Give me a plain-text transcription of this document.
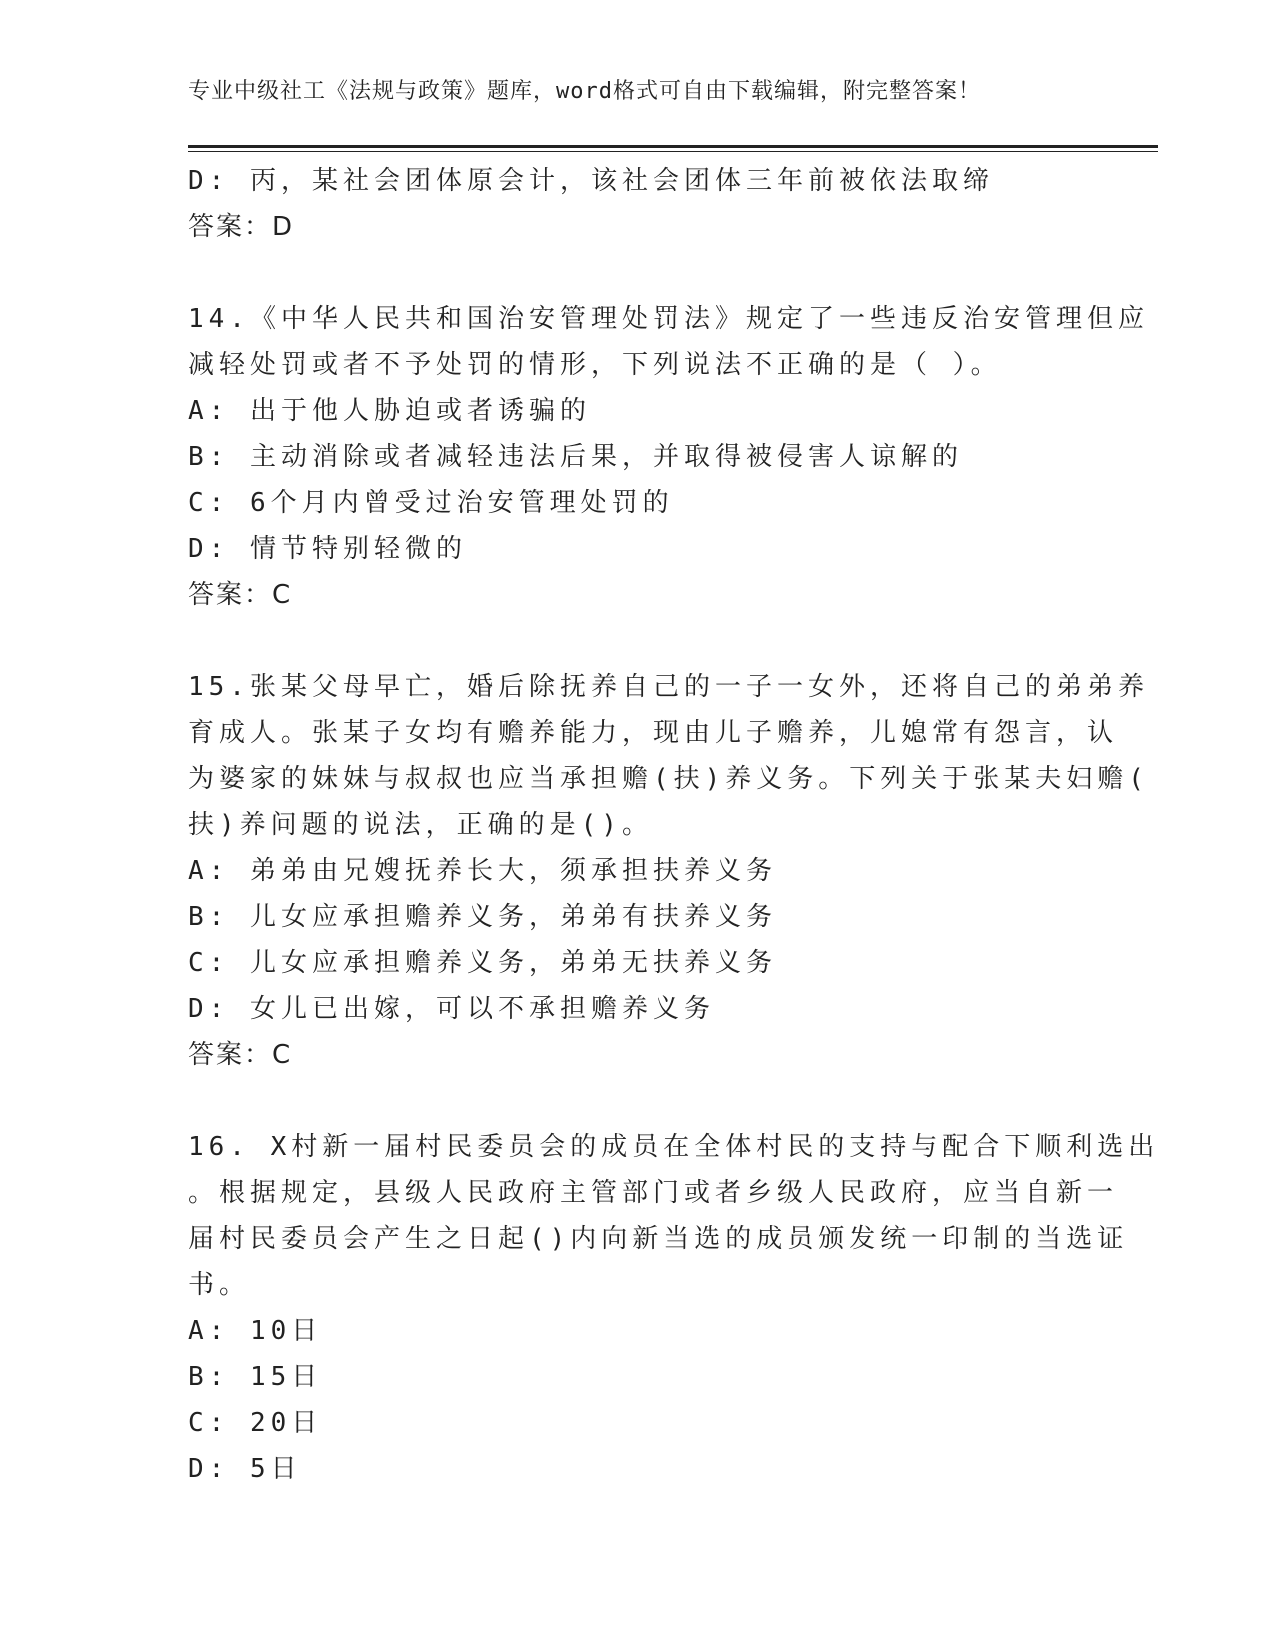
专业中级社工《法规与政策》题库，word格式可自由下载编辑，附完整答案！
D: 丙，某社会团体原会计，该社会团体三年前被依法取缔
答案：D
14.《中华人民共和国治安管理处罚法》规定了一些违反治安管理但应
减轻处罚或者不予处罚的情形，下列说法不正确的是（ ）。
A: 出于他人胁迫或者诱骗的
B: 主动消除或者减轻违法后果，并取得被侵害人谅解的
C: 6个月内曾受过治安管理处罚的
D: 情节特别轻微的
答案：C
15.张某父母早亡，婚后除抚养自己的一子一女外，还将自己的弟弟养
育成人。张某子女均有赡养能力，现由儿子赡养，儿媳常有怨言，认
为婆家的妹妹与叔叔也应当承担赡(扶)养义务。下列关于张某夫妇赡(
扶)养问题的说法，正确的是()。
A: 弟弟由兄嫂抚养长大，须承担扶养义务
B: 儿女应承担赡养义务，弟弟有扶养义务
C: 儿女应承担赡养义务，弟弟无扶养义务
D: 女儿已出嫁，可以不承担赡养义务
答案：C
16. X村新一届村民委员会的成员在全体村民的支持与配合下顺利选出
。根据规定，县级人民政府主管部门或者乡级人民政府，应当自新一
届村民委员会产生之日起()内向新当选的成员颁发统一印制的当选证
书。
A: 10日
B: 15日
C: 20日
D: 5日
